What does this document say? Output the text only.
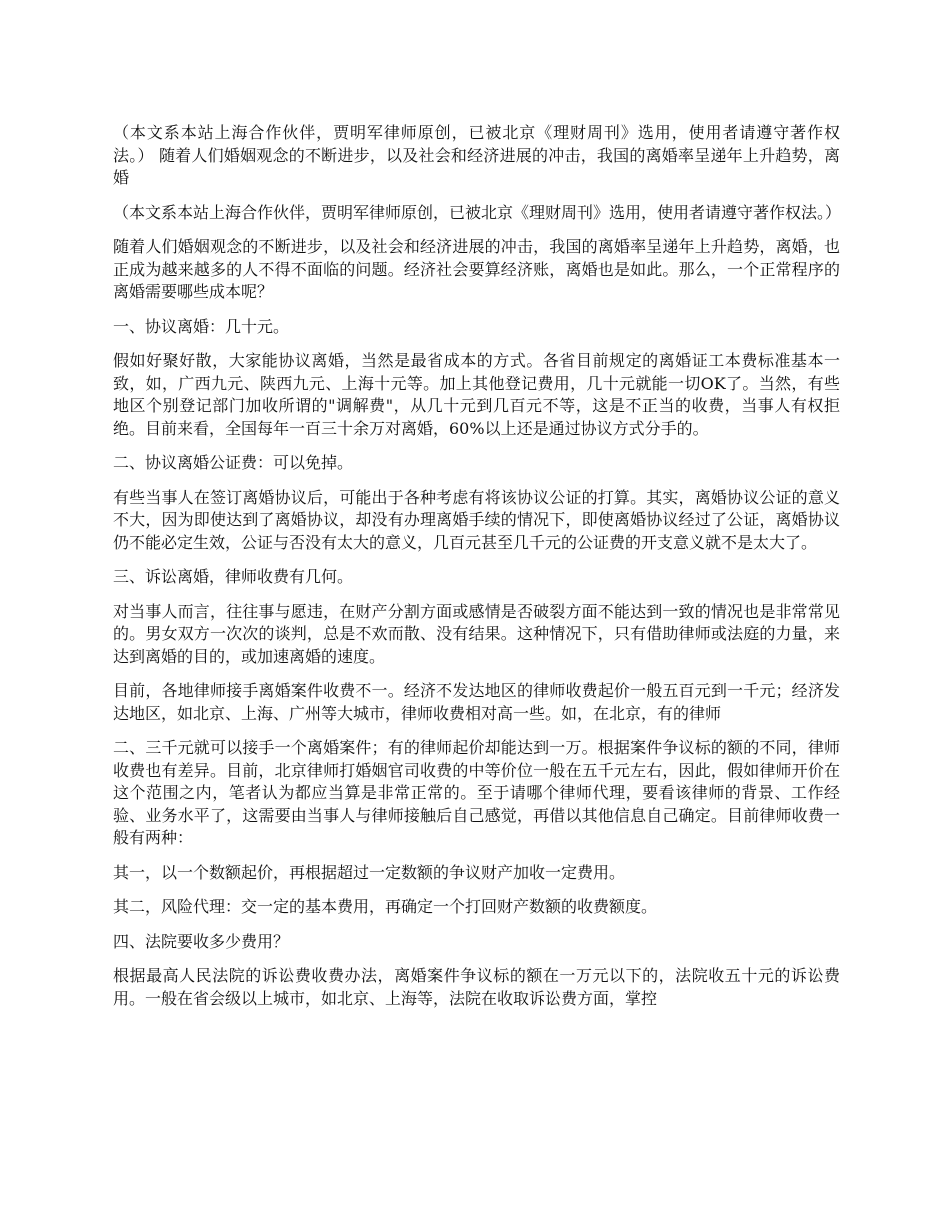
（本文系本站上海合作伙伴，贾明军律师原创，已被北京《理财周刊》选用，使用者请遵守著作权法。） 随着人们婚姻观念的不断进步，以及社会和经济进展的冲击，我国的离婚率呈递年上升趋势，离婚

（本文系本站上海合作伙伴，贾明军律师原创，已被北京《理财周刊》选用，使用者请遵守著作权法。）

随着人们婚姻观念的不断进步，以及社会和经济进展的冲击，我国的离婚率呈递年上升趋势，离婚，也正成为越来越多的人不得不面临的问题。经济社会要算经济账，离婚也是如此。那么，一个正常程序的离婚需要哪些成本呢？

一、协议离婚：几十元。

假如好聚好散，大家能协议离婚，当然是最省成本的方式。各省目前规定的离婚证工本费标准基本一致，如，广西九元、陕西九元、上海十元等。加上其他登记费用，几十元就能一切OK了。当然，有些地区个别登记部门加收所谓的"调解费"，从几十元到几百元不等，这是不正当的收费，当事人有权拒绝。目前来看，全国每年一百三十余万对离婚，60%以上还是通过协议方式分手的。

二、协议离婚公证费：可以免掉。

有些当事人在签订离婚协议后，可能出于各种考虑有将该协议公证的打算。其实，离婚协议公证的意义不大，因为即使达到了离婚协议，却没有办理离婚手续的情况下，即使离婚协议经过了公证，离婚协议仍不能必定生效，公证与否没有太大的意义，几百元甚至几千元的公证费的开支意义就不是太大了。

三、诉讼离婚，律师收费有几何。

对当事人而言，往往事与愿违，在财产分割方面或感情是否破裂方面不能达到一致的情况也是非常常见的。男女双方一次次的谈判，总是不欢而散、没有结果。这种情况下，只有借助律师或法庭的力量，来达到离婚的目的，或加速离婚的速度。

目前，各地律师接手离婚案件收费不一。经济不发达地区的律师收费起价一般五百元到一千元；经济发达地区，如北京、上海、广州等大城市，律师收费相对高一些。如，在北京，有的律师

二、三千元就可以接手一个离婚案件；有的律师起价却能达到一万。根据案件争议标的额的不同，律师收费也有差异。目前，北京律师打婚姻官司收费的中等价位一般在五千元左右，因此，假如律师开价在这个范围之内，笔者认为都应当算是非常正常的。至于请哪个律师代理，要看该律师的背景、工作经验、业务水平了，这需要由当事人与律师接触后自己感觉，再借以其他信息自己确定。目前律师收费一般有两种：

其一，以一个数额起价，再根据超过一定数额的争议财产加收一定费用。

其二，风险代理：交一定的基本费用，再确定一个打回财产数额的收费额度。

四、法院要收多少费用？

根据最高人民法院的诉讼费收费办法，离婚案件争议标的额在一万元以下的，法院收五十元的诉讼费用。一般在省会级以上城市，如北京、上海等，法院在收取诉讼费方面，掌控
